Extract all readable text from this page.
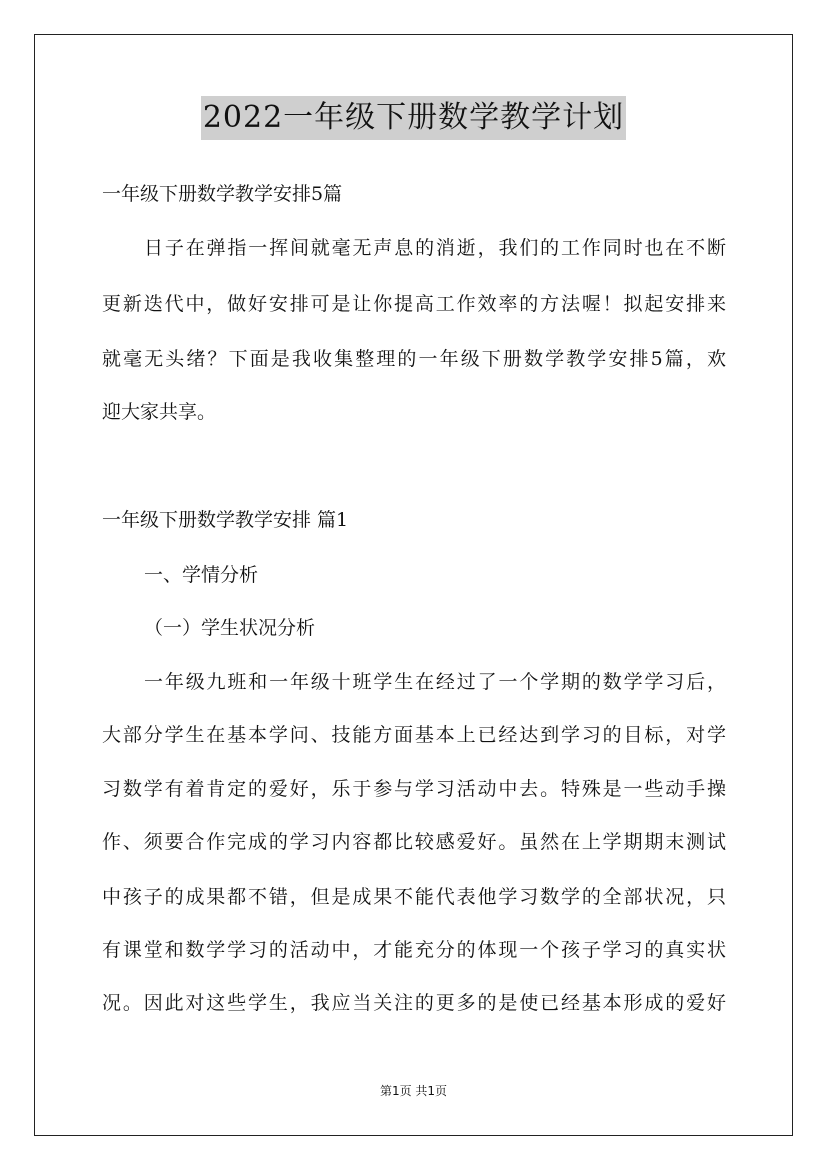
2022一年级下册数学教学计划
一年级下册数学教学安排5篇
日子在弹指一挥间就毫无声息的消逝，我们的工作同时也在不断
更新迭代中，做好安排可是让你提高工作效率的方法喔！拟起安排来
就毫无头绪？下面是我收集整理的一年级下册数学教学安排5篇，欢
迎大家共享。
一年级下册数学教学安排 篇1
一、学情分析
（一）学生状况分析
一年级九班和一年级十班学生在经过了一个学期的数学学习后，
大部分学生在基本学问、技能方面基本上已经达到学习的目标，对学
习数学有着肯定的爱好，乐于参与学习活动中去。特殊是一些动手操
作、须要合作完成的学习内容都比较感爱好。虽然在上学期期末测试
中孩子的成果都不错，但是成果不能代表他学习数学的全部状况，只
有课堂和数学学习的活动中，才能充分的体现一个孩子学习的真实状
况。因此对这些学生，我应当关注的更多的是使已经基本形成的爱好
第1页 共1页
